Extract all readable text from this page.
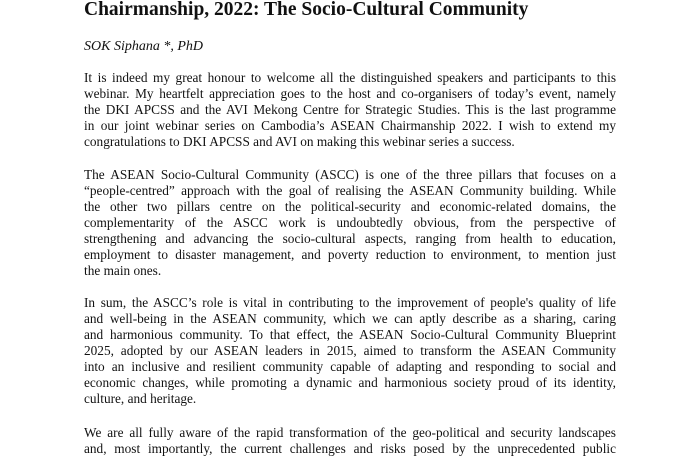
Chairmanship, 2022: The Socio-Cultural Community
SOK Siphana *, PhD
It is indeed my great honour to welcome all the distinguished speakers and participants to this
webinar. My heartfelt appreciation goes to the host and co-organisers of today’s event, namely
the DKI APCSS and the AVI Mekong Centre for Strategic Studies. This is the last programme
in our joint webinar series on Cambodia’s ASEAN Chairmanship 2022. I wish to extend my
congratulations to DKI APCSS and AVI on making this webinar series a success.
The ASEAN Socio-Cultural Community (ASCC) is one of the three pillars that focuses on a
“people-centred” approach with the goal of realising the ASEAN Community building. While
the other two pillars centre on the political-security and economic-related domains, the
complementarity of the ASCC work is undoubtedly obvious, from the perspective of
strengthening and advancing the socio-cultural aspects, ranging from health to education,
employment to disaster management, and poverty reduction to environment, to mention just
the main ones.
In sum, the ASCC’s role is vital in contributing to the improvement of people's quality of life
and well-being in the ASEAN community, which we can aptly describe as a sharing, caring
and harmonious community. To that effect, the ASEAN Socio-Cultural Community Blueprint
2025, adopted by our ASEAN leaders in 2015, aimed to transform the ASEAN Community
into an inclusive and resilient community capable of adapting and responding to social and
economic changes, while promoting a dynamic and harmonious society proud of its identity,
culture, and heritage.
We are all fully aware of the rapid transformation of the geo-political and security landscapes
and, most importantly, the current challenges and risks posed by the unprecedented public
